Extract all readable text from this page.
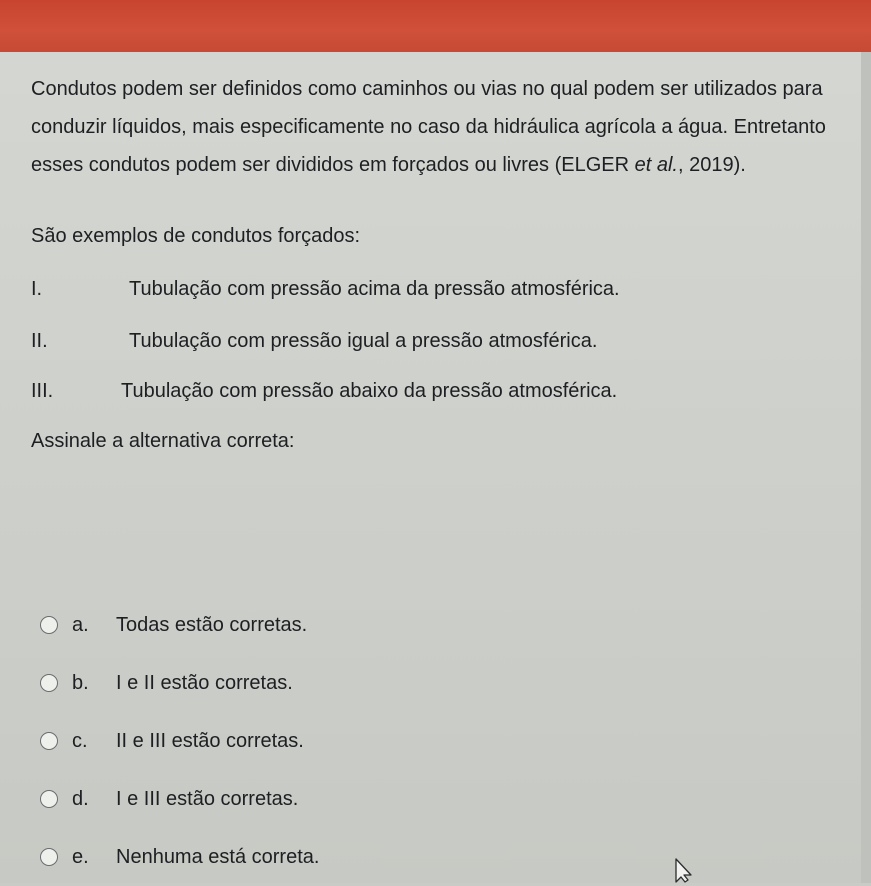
Condutos podem ser definidos como caminhos ou vias no qual podem ser utilizados para conduzir líquidos, mais especificamente no caso da hidráulica agrícola a água. Entretanto esses condutos podem ser divididos em forçados ou livres (ELGER et al., 2019).

São exemplos de condutos forçados:

I.	Tubulação com pressão acima da pressão atmosférica.
II.	Tubulação com pressão igual a pressão atmosférica.
III.	Tubulação com pressão abaixo da pressão atmosférica.

Assinale a alternativa correta:

a.	Todas estão corretas.
b.	I e II estão corretas.
c.	II e III estão corretas.
d.	I e III estão corretas.
e.	Nenhuma está correta.
